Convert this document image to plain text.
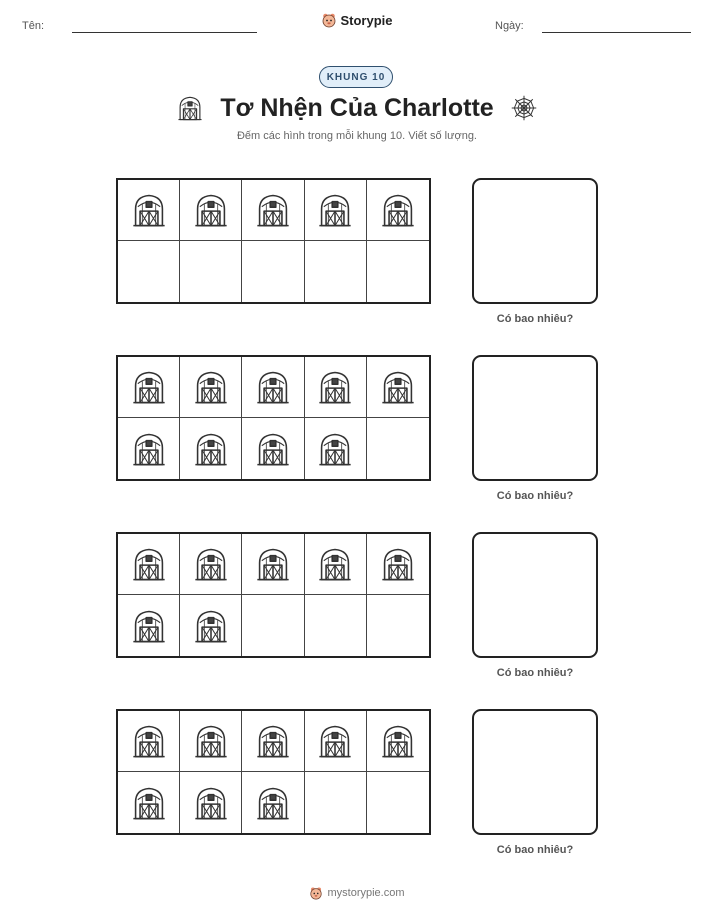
Tên:	Ngày:
Storypie
KHUNG 10
Tơ Nhện Của Charlotte
Đếm các hình trong mỗi khung 10. Viết số lượng.
Có bao nhiêu?
Có bao nhiêu?
Có bao nhiêu?
Có bao nhiêu?
mystorypie.com
